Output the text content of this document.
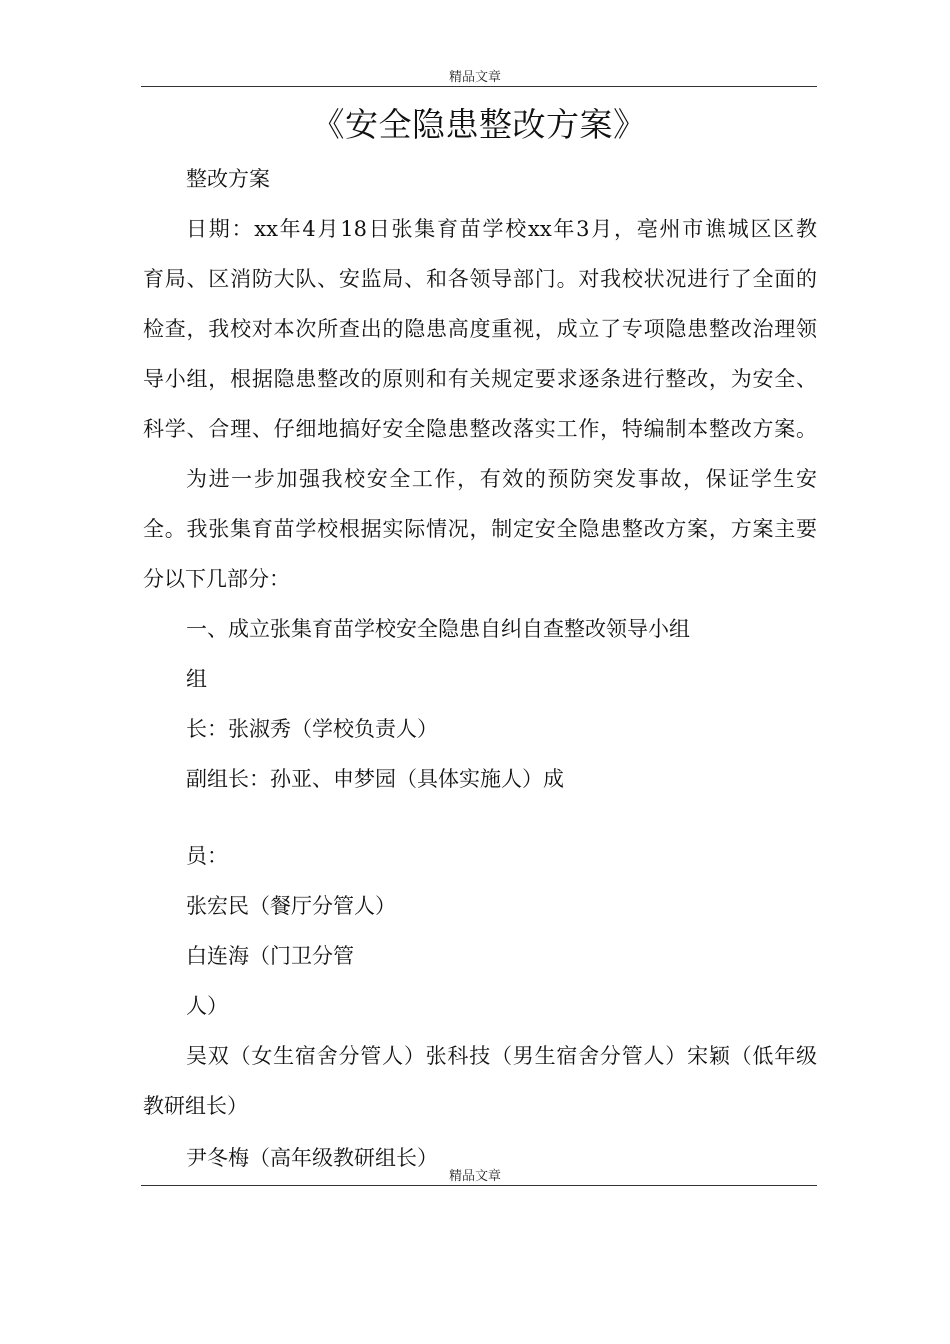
精品文章
《安全隐患整改方案》
整改方案
日期：xx年4月18日张集育苗学校xx年3月，亳州市谯城区区教
育局、区消防大队、安监局、和各领导部门。对我校状况进行了全面的
检查，我校对本次所查出的隐患高度重视，成立了专项隐患整改治理领
导小组，根据隐患整改的原则和有关规定要求逐条进行整改，为安全、
科学、合理、仔细地搞好安全隐患整改落实工作，特编制本整改方案。
为进一步加强我校安全工作，有效的预防突发事故，保证学生安
全。我张集育苗学校根据实际情况，制定安全隐患整改方案，方案主要
分以下几部分：
一、成立张集育苗学校安全隐患自纠自查整改领导小组
组
长：张淑秀（学校负责人）
副组长：孙亚、申梦园（具体实施人）成
员：
张宏民（餐厅分管人）
白连海（门卫分管
人）
吴双（女生宿舍分管人）张科技（男生宿舍分管人）宋颖（低年级
教研组长）
尹冬梅（高年级教研组长）
精品文章
